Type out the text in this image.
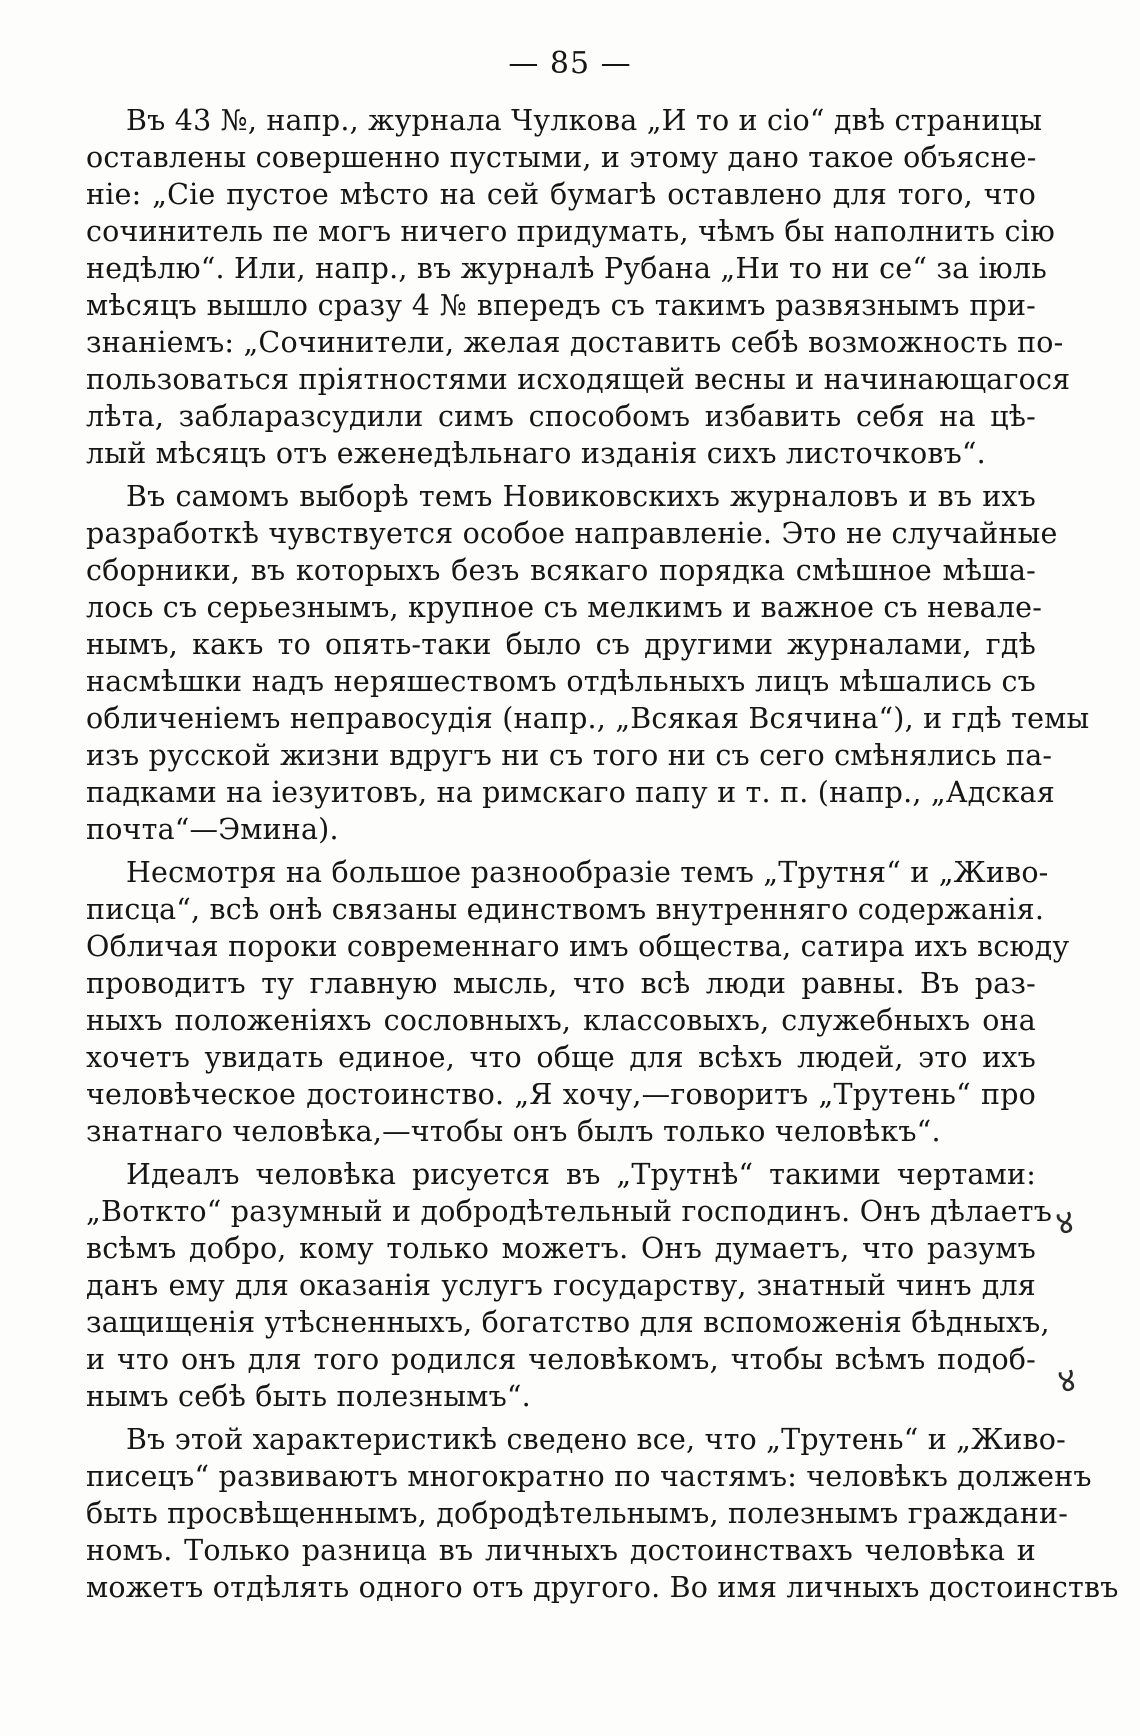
— 85 —
Въ 43 №, напр., журнала Чулкова „И то и сіо“ двѣ страницы
оставлены совершенно пустыми, и этому дано такое объясне-
ніе: „Сіе пустое мѣсто на сей бумагѣ оставлено для того, что
сочинитель пе могъ ничего придумать, чѣмъ бы наполнить сію
недѣлю“. Или, напр., въ журналѣ Рубана „Ни то ни се“ за іюль
мѣсяцъ вышло сразу 4 № впередъ съ такимъ развязнымъ при-
знаніемъ: „Сочинители, желая доставить себѣ возможность по-
пользоваться пріятностями исходящей весны и начинающагося
лѣта, забларазсудили симъ способомъ избавить себя на цѣ-
лый мѣсяцъ отъ еженедѣльнаго изданія сихъ листочковъ“.
Въ самомъ выборѣ темъ Новиковскихъ журналовъ и въ ихъ
разработкѣ чувствуется особое направленіе. Это не случайные
сборники, въ которыхъ безъ всякаго порядка смѣшное мѣша-
лось съ серьезнымъ, крупное съ мелкимъ и важное съ невале-
нымъ, какъ то опять-таки было съ другими журналами, гдѣ
насмѣшки надъ неряшествомъ отдѣльныхъ лицъ мѣшались съ
обличеніемъ неправосудія (напр., „Всякая Всячина“), и гдѣ темы
изъ русской жизни вдругъ ни съ того ни съ сего смѣнялись па-
падками на іезуитовъ, на римскаго папу и т. п. (напр., „Адская
почта“—Эмина).
Несмотря на большое разнообразіе темъ „Трутня“ и „Живо-
писца“, всѣ онѣ связаны единствомъ внутренняго содержанія.
Обличая пороки современнаго имъ общества, сатира ихъ всюду
проводитъ ту главную мысль, что всѣ люди равны. Въ раз-
ныхъ положеніяхъ сословныхъ, классовыхъ, служебныхъ она
хочетъ увидать единое, что обще для всѣхъ людей, это ихъ
человѣческое достоинство. „Я хочу,—говоритъ „Трутень“ про
знатнаго человѣка,—чтобы онъ былъ только человѣкъ“.
Идеалъ человѣка рисуется въ „Трутнѣ“ такими чертами:
„Воткто“ разумный и добродѣтельный господинъ. Онъ дѣлаетъ
всѣмъ добро, кому только можетъ. Онъ думаетъ, что разумъ
данъ ему для оказанія услугъ государству, знатный чинъ для
защищенія утѣсненныхъ, богатство для вспоможенія бѣдныхъ,
и что онъ для того родился человѣкомъ, чтобы всѣмъ подоб-
нымъ себѣ быть полезнымъ“.
Въ этой характеристикѣ сведено все, что „Трутень“ и „Живо-
писецъ“ развиваютъ многократно по частямъ: человѣкъ долженъ
быть просвѣщеннымъ, добродѣтельнымъ, полезнымъ граждани-
номъ. Только разница въ личныхъ достоинствахъ человѣка и
можетъ отдѣлять одного отъ другого. Во имя личныхъ достоинствъ
४
४
